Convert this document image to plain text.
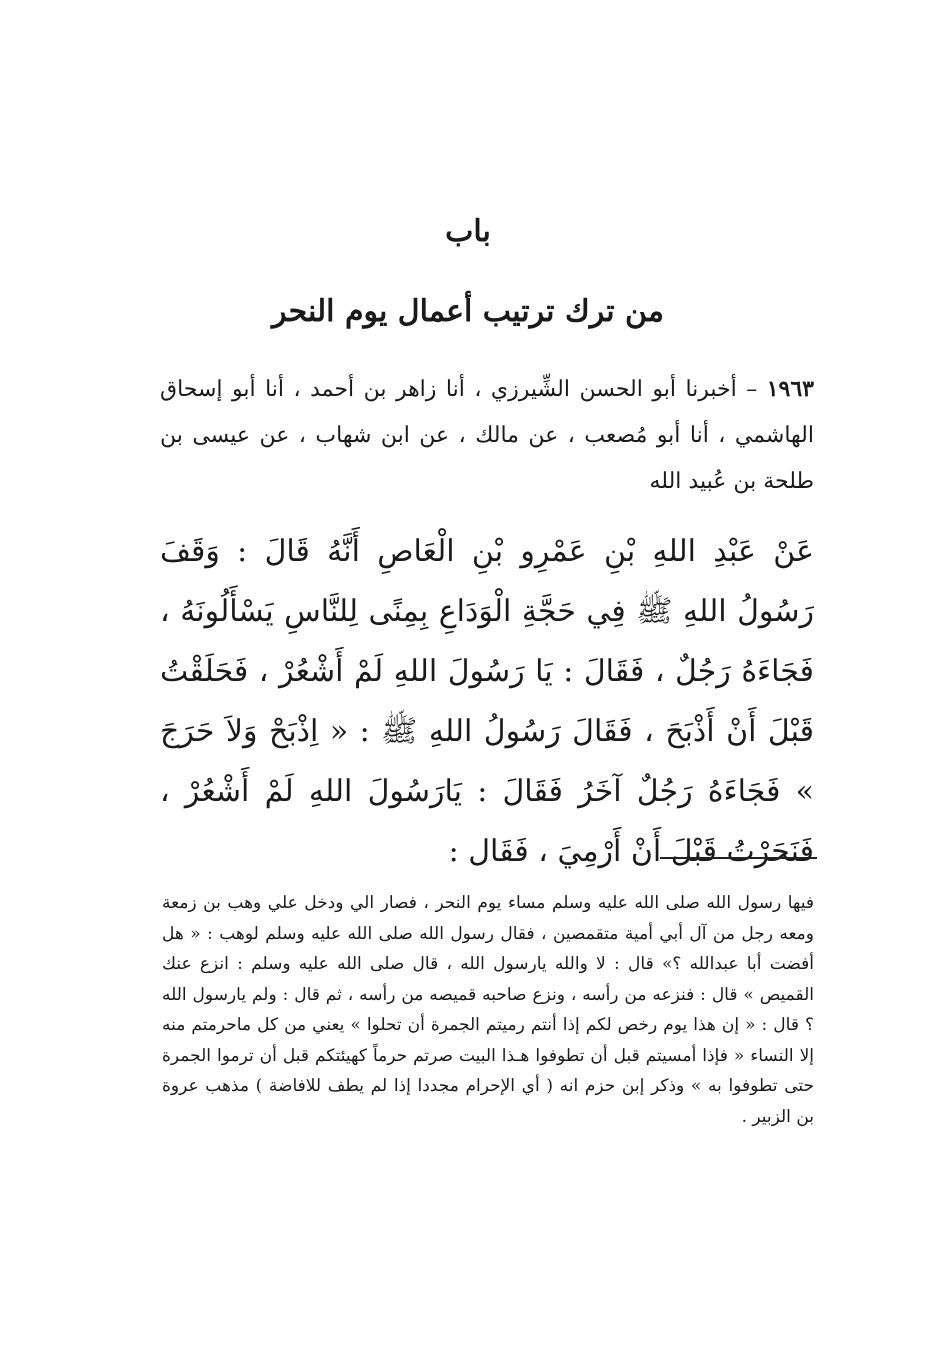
باب
من ترك ترتيب أعمال يوم النحر
١٩٦٣ – أخبرنا أبو الحسن الشِّيرزي ، أنا زاهر بن أحمد ، أنا أبو إسحاق الهاشمي ، أنا أبو مُصعب ، عن مالك ، عن ابن شهاب ، عن عيسى بن طلحة بن عُبيد الله
عَنْ عَبْدِ اللهِ بْنِ عَمْرِو بْنِ الْعَاصِ أَنَّهُ قَالَ : وَقَفَ رَسُولُ اللهِ ﷺ فِي حَجَّةِ الْوَدَاعِ بِمِنًى لِلنَّاسِ يَسْأَلُونَهُ ، فَجَاءَهُ رَجُلٌ ، فَقَالَ : يَا رَسُولَ اللهِ لَمْ أَشْعُرْ ، فَحَلَقْتُ قَبْلَ أَنْ أَذْبَحَ ، فَقَالَ رَسُولُ اللهِ ﷺ : « اِذْبَحْ وَلاَ حَرَجَ » فَجَاءَهُ رَجُلٌ آخَرُ فَقَالَ : يَارَسُولَ اللهِ لَمْ أَشْعُرْ ، فَنَحَرْتُ قَبْلَ أَنْ أَرْمِيَ ، فَقَال :
فيها رسول الله صلى الله عليه وسلم مساء يوم النحر ، فصار الي ودخل علي وهب بن زمعة ومعه رجل من آل أبي أمية متقمصين ، فقال رسول الله صلى الله عليه وسلم لوهب : « هل أفضت أبا عبدالله ؟» قال : لا والله يارسول الله ، قال صلى الله عليه وسلم : انزع عنك القميص » قال : فنزعه من رأسه ، ونزع صاحبه قميصه من رأسه ، ثم قال : ولم يارسول الله ؟ قال : « إن هذا يوم رخص لكم إذا أنتم رميتم الجمرة أن تحلوا » يعني من كل ماحرمتم منه إلا النساء « فإذا أمسيتم قبل أن تطوفوا هـذا البيت صرتم حرماً كهيئتكم قبل أن ترموا الجمرة حتى تطوفوا به » وذكر إبن حزم انه ( أي الإحرام مجددا إذا لم يطف للافاضة ) مذهب عروة بن الزبير .
